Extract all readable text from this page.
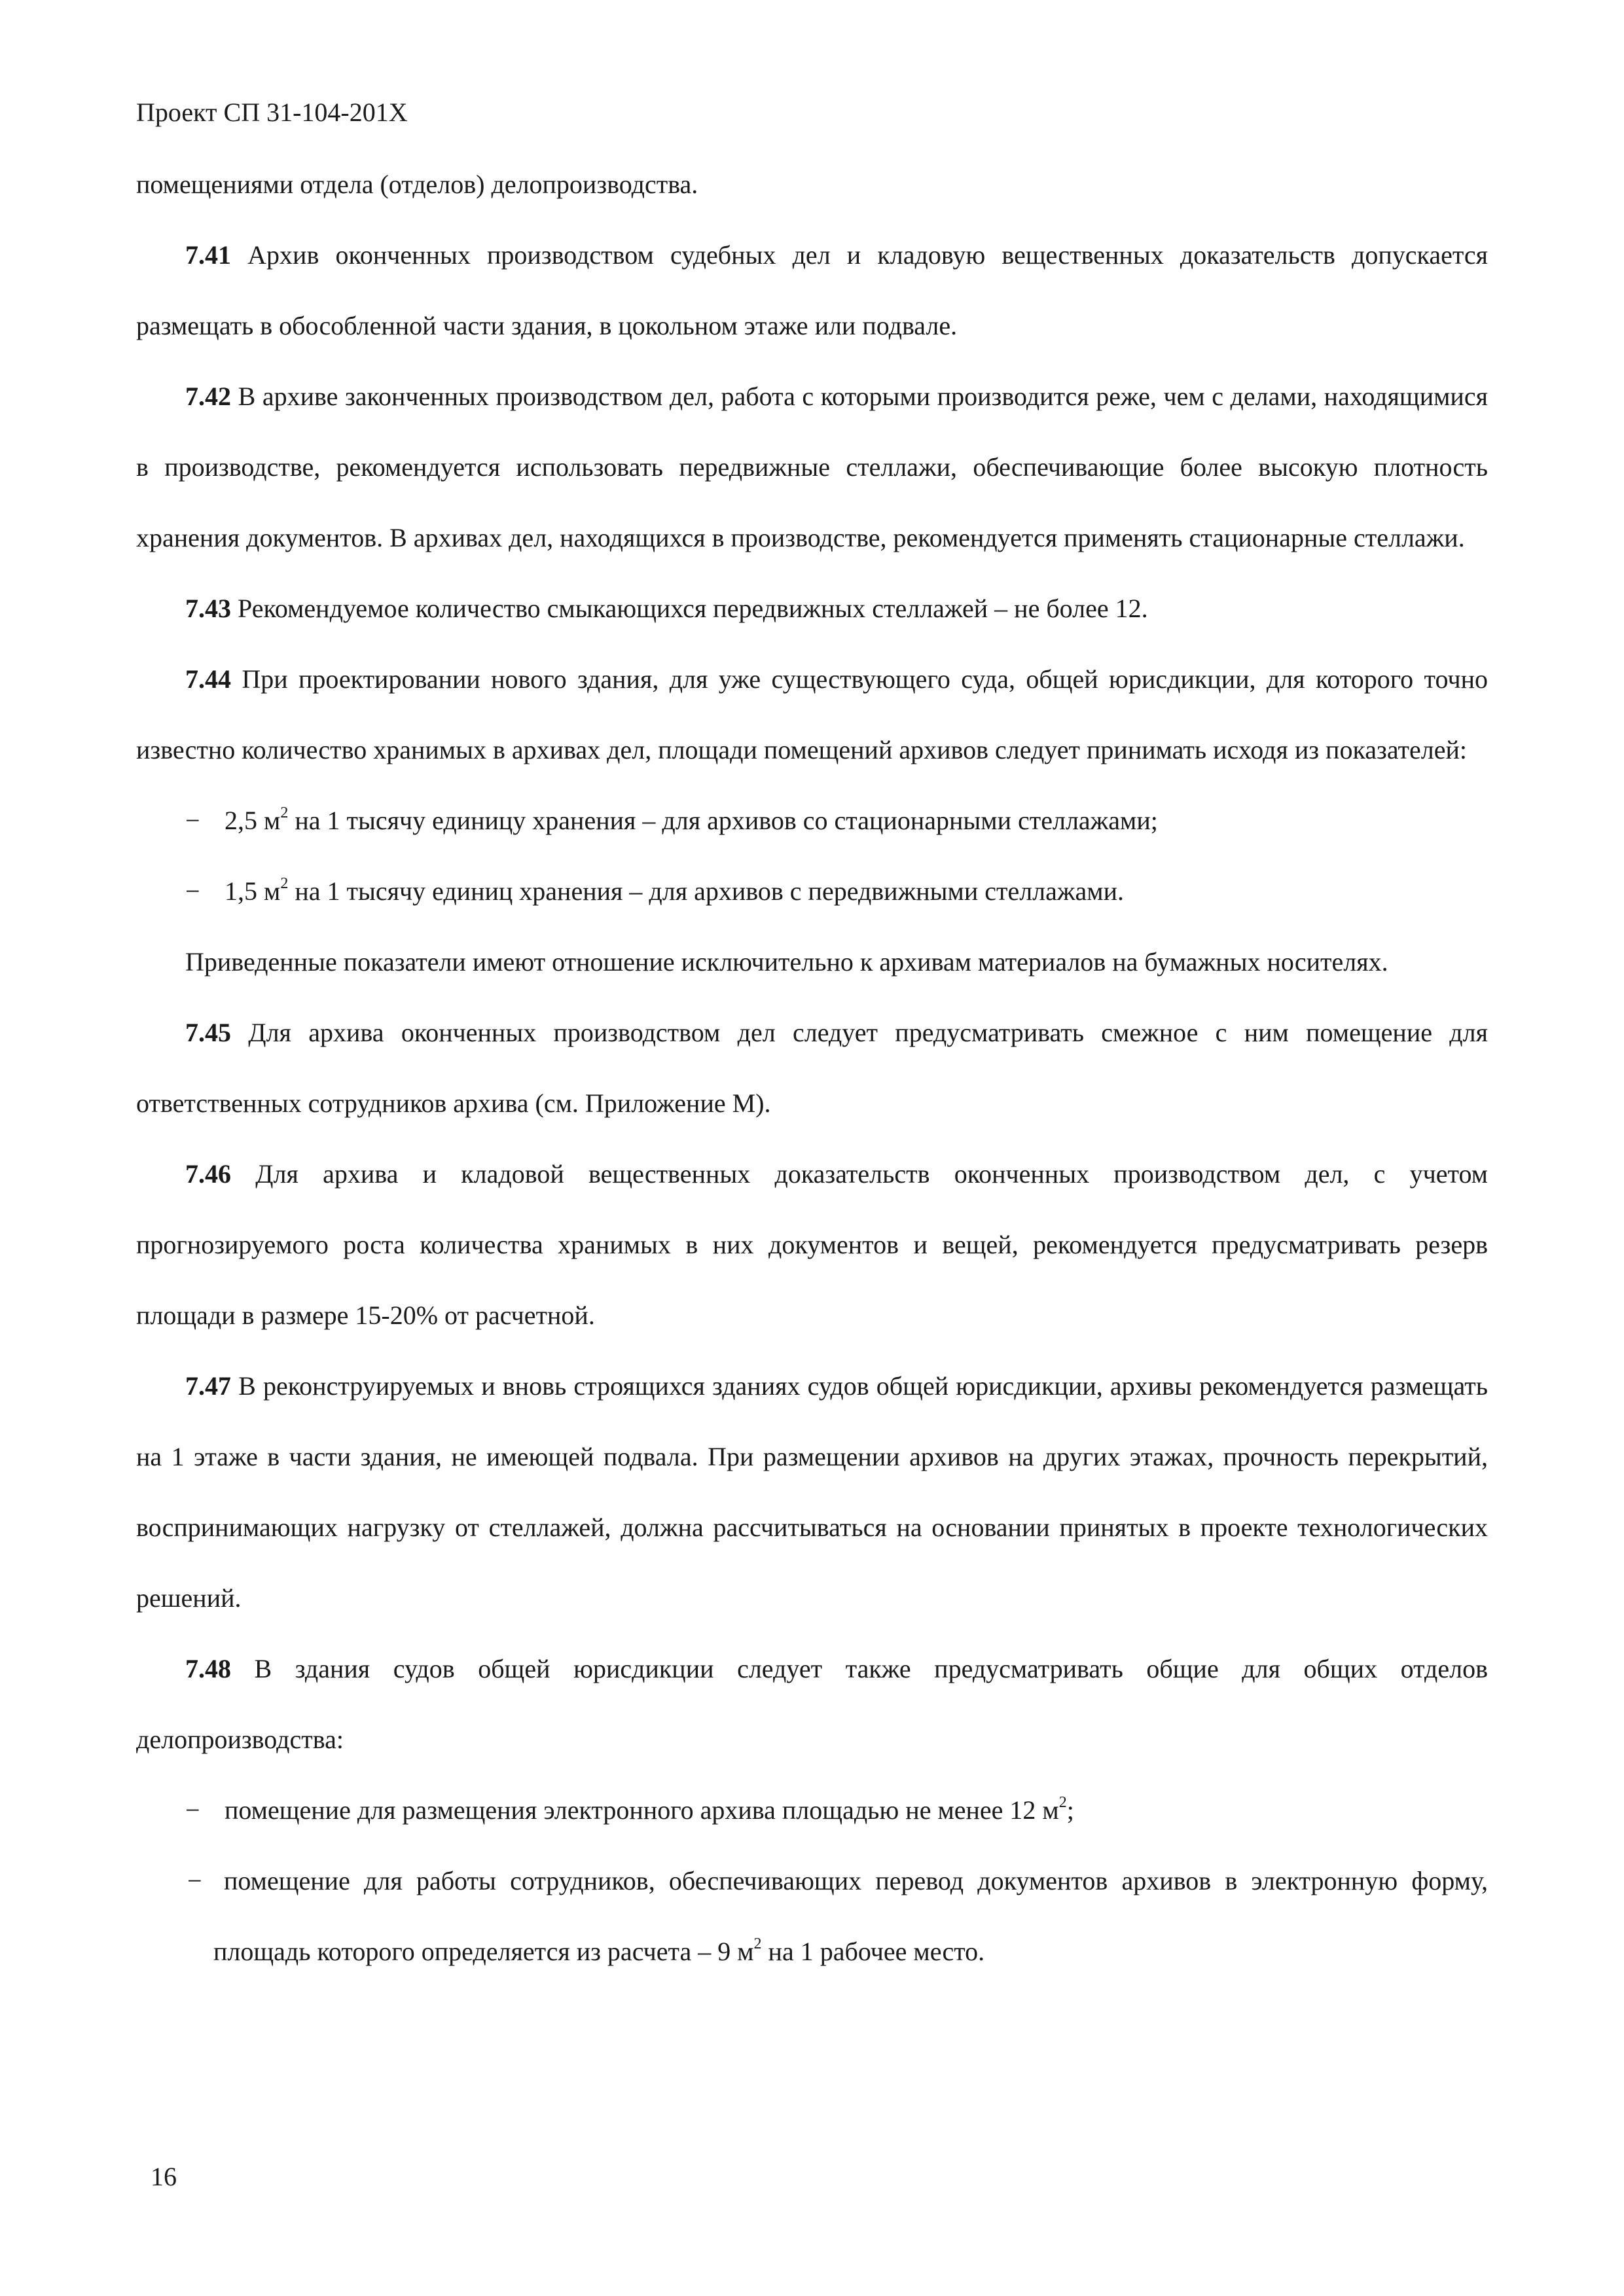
Проект СП 31-104-201Х

помещениями отдела (отделов) делопроизводства.

7.41 Архив оконченных производством судебных дел и кладовую вещественных доказательств допускается размещать в обособленной части здания, в цокольном этаже или подвале.

7.42 В архиве законченных производством дел, работа с которыми производится реже, чем с делами, находящимися в производстве, рекомендуется использовать передвижные стеллажи, обеспечивающие более высокую плотность хранения документов. В архивах дел, находящихся в производстве, рекомендуется применять стационарные стеллажи.

7.43 Рекомендуемое количество смыкающихся передвижных стеллажей – не более 12.

7.44 При проектировании нового здания, для уже существующего суда, общей юрисдикции, для которого точно известно количество хранимых в архивах дел, площади помещений архивов следует принимать исходя из показателей:

− 2,5 $м^2$ на 1 тысячу единицу хранения – для архивов со стационарными стеллажами;

− 1,5 $м^2$ на 1 тысячу единиц хранения – для архивов с передвижными стеллажами.

Приведенные показатели имеют отношение исключительно к архивам материалов на бумажных носителях.

7.45 Для архива оконченных производством дел следует предусматривать смежное с ним помещение для ответственных сотрудников архива (см. Приложение М).

7.46 Для архива и кладовой вещественных доказательств оконченных производством дел, с учетом прогнозируемого роста количества хранимых в них документов и вещей, рекомендуется предусматривать резерв площади в размере 15-20% от расчетной.

7.47 В реконструируемых и вновь строящихся зданиях судов общей юрисдикции, архивы рекомендуется размещать на 1 этаже в части здания, не имеющей подвала. При размещении архивов на других этажах, прочность перекрытий, воспринимающих нагрузку от стеллажей, должна рассчитываться на основании принятых в проекте технологических решений.

7.48 В здания судов общей юрисдикции следует также предусматривать общие для общих отделов делопроизводства:

− помещение для размещения электронного архива площадью не менее 12 $м^2$;

− помещение для работы сотрудников, обеспечивающих перевод документов архивов в электронную форму, площадь которого определяется из расчета – 9 $м^2$ на 1 рабочее место.

16
